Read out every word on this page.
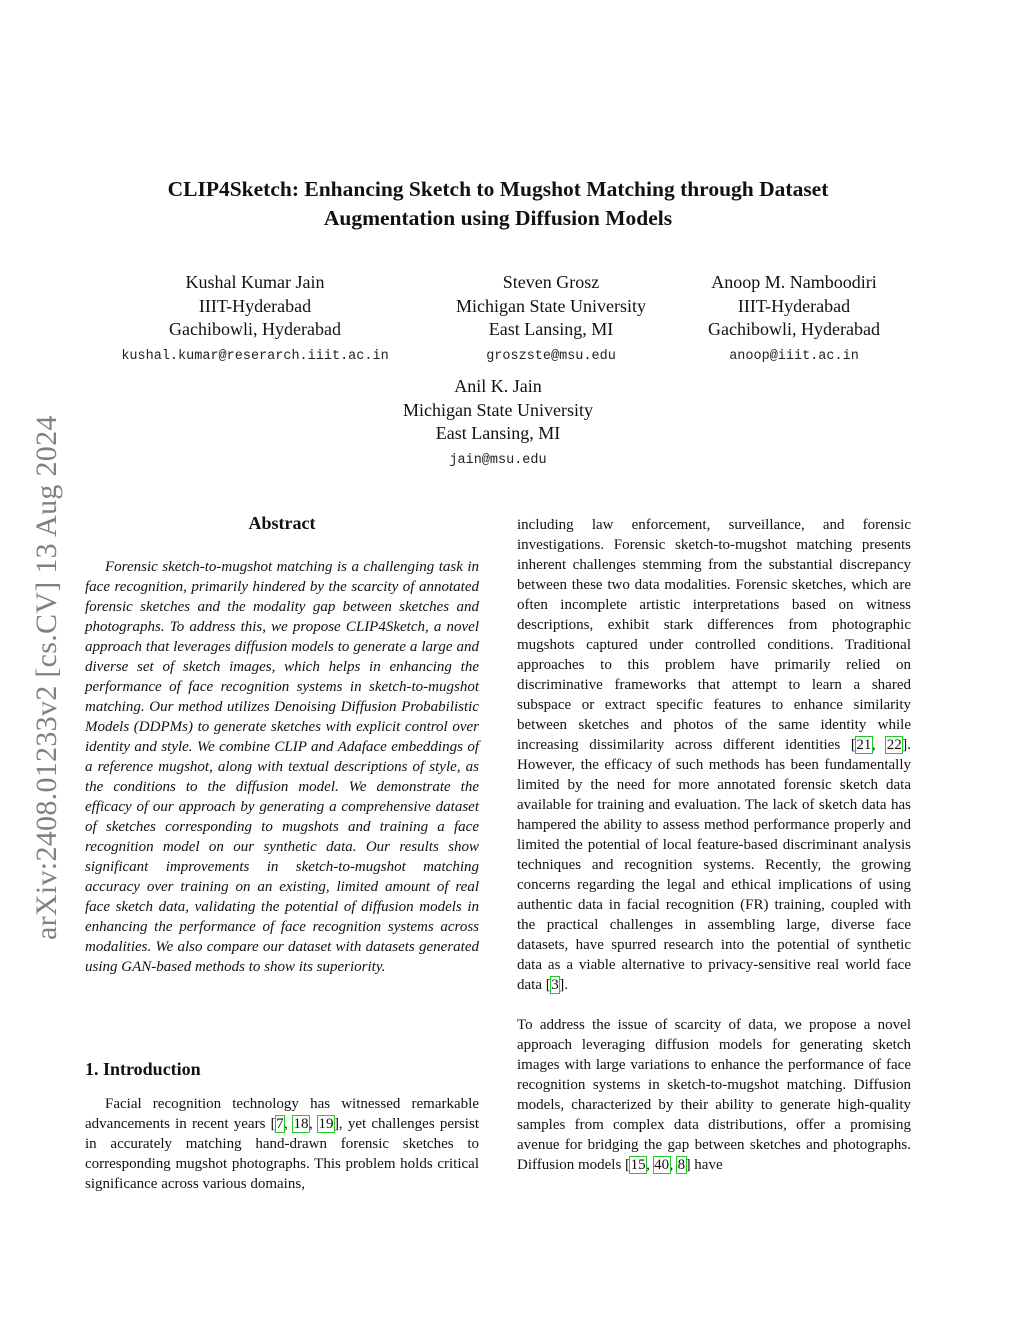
arXiv:2408.01233v2 [cs.CV] 13 Aug 2024
CLIP4Sketch: Enhancing Sketch to Mugshot Matching through Dataset
Augmentation using Diffusion Models
Kushal Kumar Jain
IIIT-Hyderabad
Gachibowli, Hyderabad
kushal.kumar@reserarch.iiit.ac.in
Steven Grosz
Michigan State University
East Lansing, MI
groszste@msu.edu
Anoop M. Namboodiri
IIIT-Hyderabad
Gachibowli, Hyderabad
anoop@iiit.ac.in
Anil K. Jain
Michigan State University
East Lansing, MI
jain@msu.edu
Abstract
Forensic sketch-to-mugshot matching is a challenging task in face recognition, primarily hindered by the scarcity of annotated forensic sketches and the modality gap between sketches and photographs. To address this, we propose CLIP4Sketch, a novel approach that leverages diffusion models to generate a large and diverse set of sketch images, which helps in enhancing the performance of face recognition systems in sketch-to-mugshot matching. Our method utilizes Denoising Diffusion Probabilistic Models (DDPMs) to generate sketches with explicit control over identity and style. We combine CLIP and Adaface embeddings of a reference mugshot, along with textual descriptions of style, as the conditions to the diffusion model. We demonstrate the efficacy of our approach by generating a comprehensive dataset of sketches corresponding to mugshots and training a face recognition model on our synthetic data. Our results show significant improvements in sketch-to-mugshot matching accuracy over training on an existing, limited amount of real face sketch data, validating the potential of diffusion models in enhancing the performance of face recognition systems across modalities. We also compare our dataset with datasets generated using GAN-based methods to show its superiority.
1. Introduction
Facial recognition technology has witnessed remarkable advancements in recent years [7, 18, 19], yet challenges persist in accurately matching hand-drawn forensic sketches to corresponding mugshot photographs. This problem holds critical significance across various domains,
including law enforcement, surveillance, and forensic investigations. Forensic sketch-to-mugshot matching presents inherent challenges stemming from the substantial discrepancy between these two data modalities. Forensic sketches, which are often incomplete artistic interpretations based on witness descriptions, exhibit stark differences from photographic mugshots captured under controlled conditions. Traditional approaches to this problem have primarily relied on discriminative frameworks that attempt to learn a shared subspace or extract specific features to enhance similarity between sketches and photos of the same identity while increasing dissimilarity across different identities [21, 22]. However, the efficacy of such methods has been fundamentally limited by the need for more annotated forensic sketch data available for training and evaluation. The lack of sketch data has hampered the ability to assess method performance properly and limited the potential of local feature-based discriminant analysis techniques and recognition systems. Recently, the growing concerns regarding the legal and ethical implications of using authentic data in facial recognition (FR) training, coupled with the practical challenges in assembling large, diverse face datasets, have spurred research into the potential of synthetic data as a viable alternative to privacy-sensitive real world face data [3].
To address the issue of scarcity of data, we propose a novel approach leveraging diffusion models for generating sketch images with large variations to enhance the performance of face recognition systems in sketch-to-mugshot matching. Diffusion models, characterized by their ability to generate high-quality samples from complex data distributions, offer a promising avenue for bridging the gap between sketches and photographs. Diffusion models [15, 40, 8] have
